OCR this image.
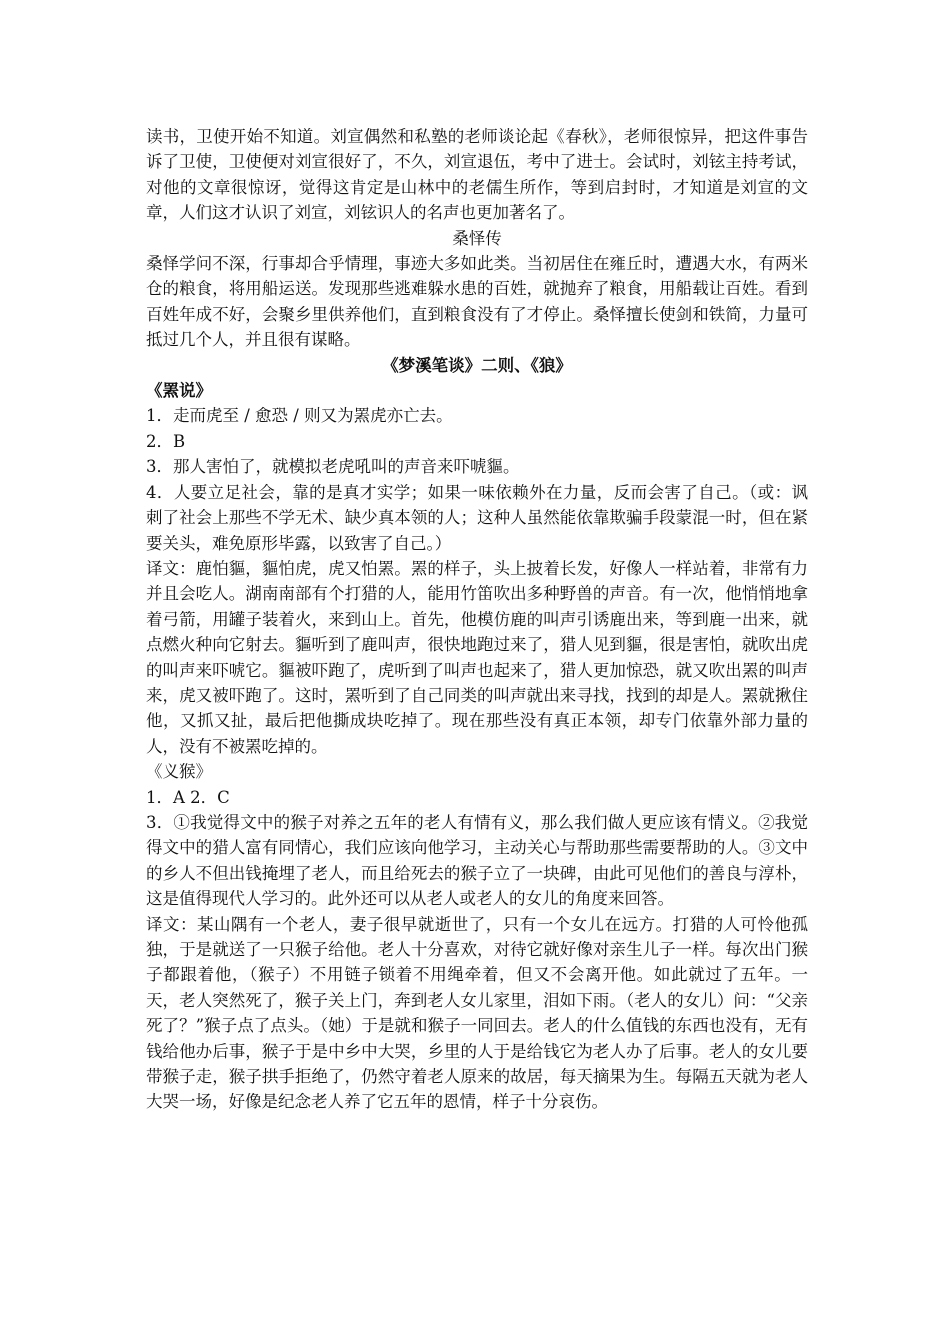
读书，卫使开始不知道。刘宣偶然和私塾的老师谈论起《春秋》，老师很惊异，把这件事告诉了卫使，卫使便对刘宣很好了，不久，刘宣退伍，考中了进士。会试时，刘铉主持考试，对他的文章很惊讶，觉得这肯定是山林中的老儒生所作，等到启封时，才知道是刘宣的文章，人们这才认识了刘宣，刘铉识人的名声也更加著名了。

桑怿传

桑怿学问不深，行事却合乎情理，事迹大多如此类。当初居住在雍丘时，遭遇大水，有两米仓的粮食，将用船运送。发现那些逃难躲水患的百姓，就抛弃了粮食，用船载让百姓。看到百姓年成不好，会聚乡里供养他们，直到粮食没有了才停止。桑怿擅长使剑和铁简，力量可抵过几个人，并且很有谋略。

《梦溪笔谈》二则、《狼》

《罴说》

1．走而虎至 / 愈恐 / 则又为罴虎亦亡去。

2．B

3．那人害怕了，就模拟老虎吼叫的声音来吓唬貙。

4．人要立足社会，靠的是真才实学；如果一味依赖外在力量，反而会害了自己。（或：讽刺了社会上那些不学无术、缺少真本领的人；这种人虽然能依靠欺骗手段蒙混一时，但在紧要关头，难免原形毕露，以致害了自己。）

译文：鹿怕貙，貙怕虎，虎又怕罴。罴的样子，头上披着长发，好像人一样站着，非常有力并且会吃人。湖南南部有个打猎的人，能用竹笛吹出多种野兽的声音。有一次，他悄悄地拿着弓箭，用罐子装着火，来到山上。首先，他模仿鹿的叫声引诱鹿出来，等到鹿一出来，就点燃火种向它射去。貙听到了鹿叫声，很快地跑过来了，猎人见到貙，很是害怕，就吹出虎的叫声来吓唬它。貙被吓跑了，虎听到了叫声也起来了，猎人更加惊恐，就又吹出罴的叫声来，虎又被吓跑了。这时，罴听到了自己同类的叫声就出来寻找，找到的却是人。罴就揪住他，又抓又扯，最后把他撕成块吃掉了。现在那些没有真正本领，却专门依靠外部力量的人，没有不被罴吃掉的。

《义猴》

1．A 2．C

3．①我觉得文中的猴子对养之五年的老人有情有义，那么我们做人更应该有情义。②我觉得文中的猎人富有同情心，我们应该向他学习，主动关心与帮助那些需要帮助的人。③文中的乡人不但出钱掩埋了老人，而且给死去的猴子立了一块碑，由此可见他们的善良与淳朴，这是值得现代人学习的。此外还可以从老人或老人的女儿的角度来回答。

译文：某山隅有一个老人，妻子很早就逝世了，只有一个女儿在远方。打猎的人可怜他孤独，于是就送了一只猴子给他。老人十分喜欢，对待它就好像对亲生儿子一样。每次出门猴子都跟着他，（猴子）不用链子锁着不用绳牵着，但又不会离开他。如此就过了五年。一天，老人突然死了，猴子关上门，奔到老人女儿家里，泪如下雨。（老人的女儿）问：“父亲死了？”猴子点了点头。（她）于是就和猴子一同回去。老人的什么值钱的东西也没有，无有钱给他办后事，猴子于是中乡中大哭，乡里的人于是给钱它为老人办了后事。老人的女儿要带猴子走，猴子拱手拒绝了，仍然守着老人原来的故居，每天摘果为生。每隔五天就为老人大哭一场，好像是纪念老人养了它五年的恩情，样子十分哀伤。
